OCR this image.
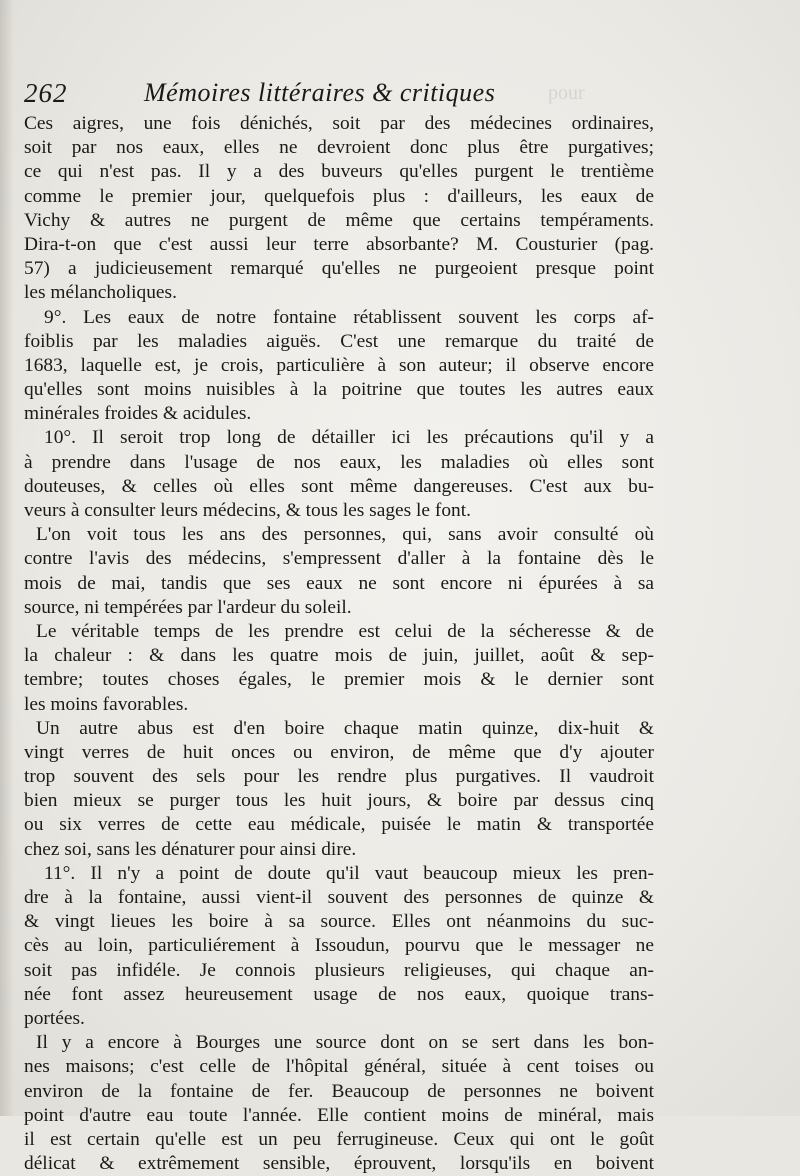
pour
262	Mémoires littéraires & critiques
Ces aigres, une fois dénichés, soit par des médecines ordinaires,
soit par nos eaux, elles ne devroient donc plus être purgatives;
ce qui n'est pas. Il y a des buveurs qu'elles purgent le trentième
comme le premier jour, quelquefois plus : d'ailleurs, les eaux de
Vichy & autres ne purgent de même que certains tempéraments.
Dira-t-on que c'est aussi leur terre absorbante? M. Cousturier (pag.
57) a judicieusement remarqué qu'elles ne purgeoient presque point
les mélancholiques.
9°. Les eaux de notre fontaine rétablissent souvent les corps af-
foiblis par les maladies aiguës. C'est une remarque du traité de
1683, laquelle est, je crois, particulière à son auteur; il observe encore
qu'elles sont moins nuisibles à la poitrine que toutes les autres eaux
minérales froides & acidules.
10°. Il seroit trop long de détailler ici les précautions qu'il y a
à prendre dans l'usage de nos eaux, les maladies où elles sont
douteuses, & celles où elles sont même dangereuses. C'est aux bu-
veurs à consulter leurs médecins, & tous les sages le font.
L'on voit tous les ans des personnes, qui, sans avoir consulté où
contre l'avis des médecins, s'empressent d'aller à la fontaine dès le
mois de mai, tandis que ses eaux ne sont encore ni épurées à sa
source, ni tempérées par l'ardeur du soleil.
Le véritable temps de les prendre est celui de la sécheresse & de
la chaleur : & dans les quatre mois de juin, juillet, août & sep-
tembre; toutes choses égales, le premier mois & le dernier sont
les moins favorables.
Un autre abus est d'en boire chaque matin quinze, dix-huit &
vingt verres de huit onces ou environ, de même que d'y ajouter
trop souvent des sels pour les rendre plus purgatives. Il vaudroit
bien mieux se purger tous les huit jours, & boire par dessus cinq
ou six verres de cette eau médicale, puisée le matin & transportée
chez soi, sans les dénaturer pour ainsi dire.
11°. Il n'y a point de doute qu'il vaut beaucoup mieux les pren-
dre à la fontaine, aussi vient-il souvent des personnes de quinze &
& vingt lieues les boire à sa source. Elles ont néanmoins du suc-
cès au loin, particuliérement à Issoudun, pourvu que le messager ne
soit pas infidéle. Je connois plusieurs religieuses, qui chaque an-
née font assez heureusement usage de nos eaux, quoique trans-
portées.
Il y a encore à Bourges une source dont on se sert dans les bon-
nes maisons; c'est celle de l'hôpital général, située à cent toises ou
environ de la fontaine de fer. Beaucoup de personnes ne boivent
point d'autre eau toute l'année. Elle contient moins de minéral, mais
il est certain qu'elle est un peu ferrugineuse. Ceux qui ont le goût
délicat & extrêmement sensible, éprouvent, lorsqu'ils en boivent
